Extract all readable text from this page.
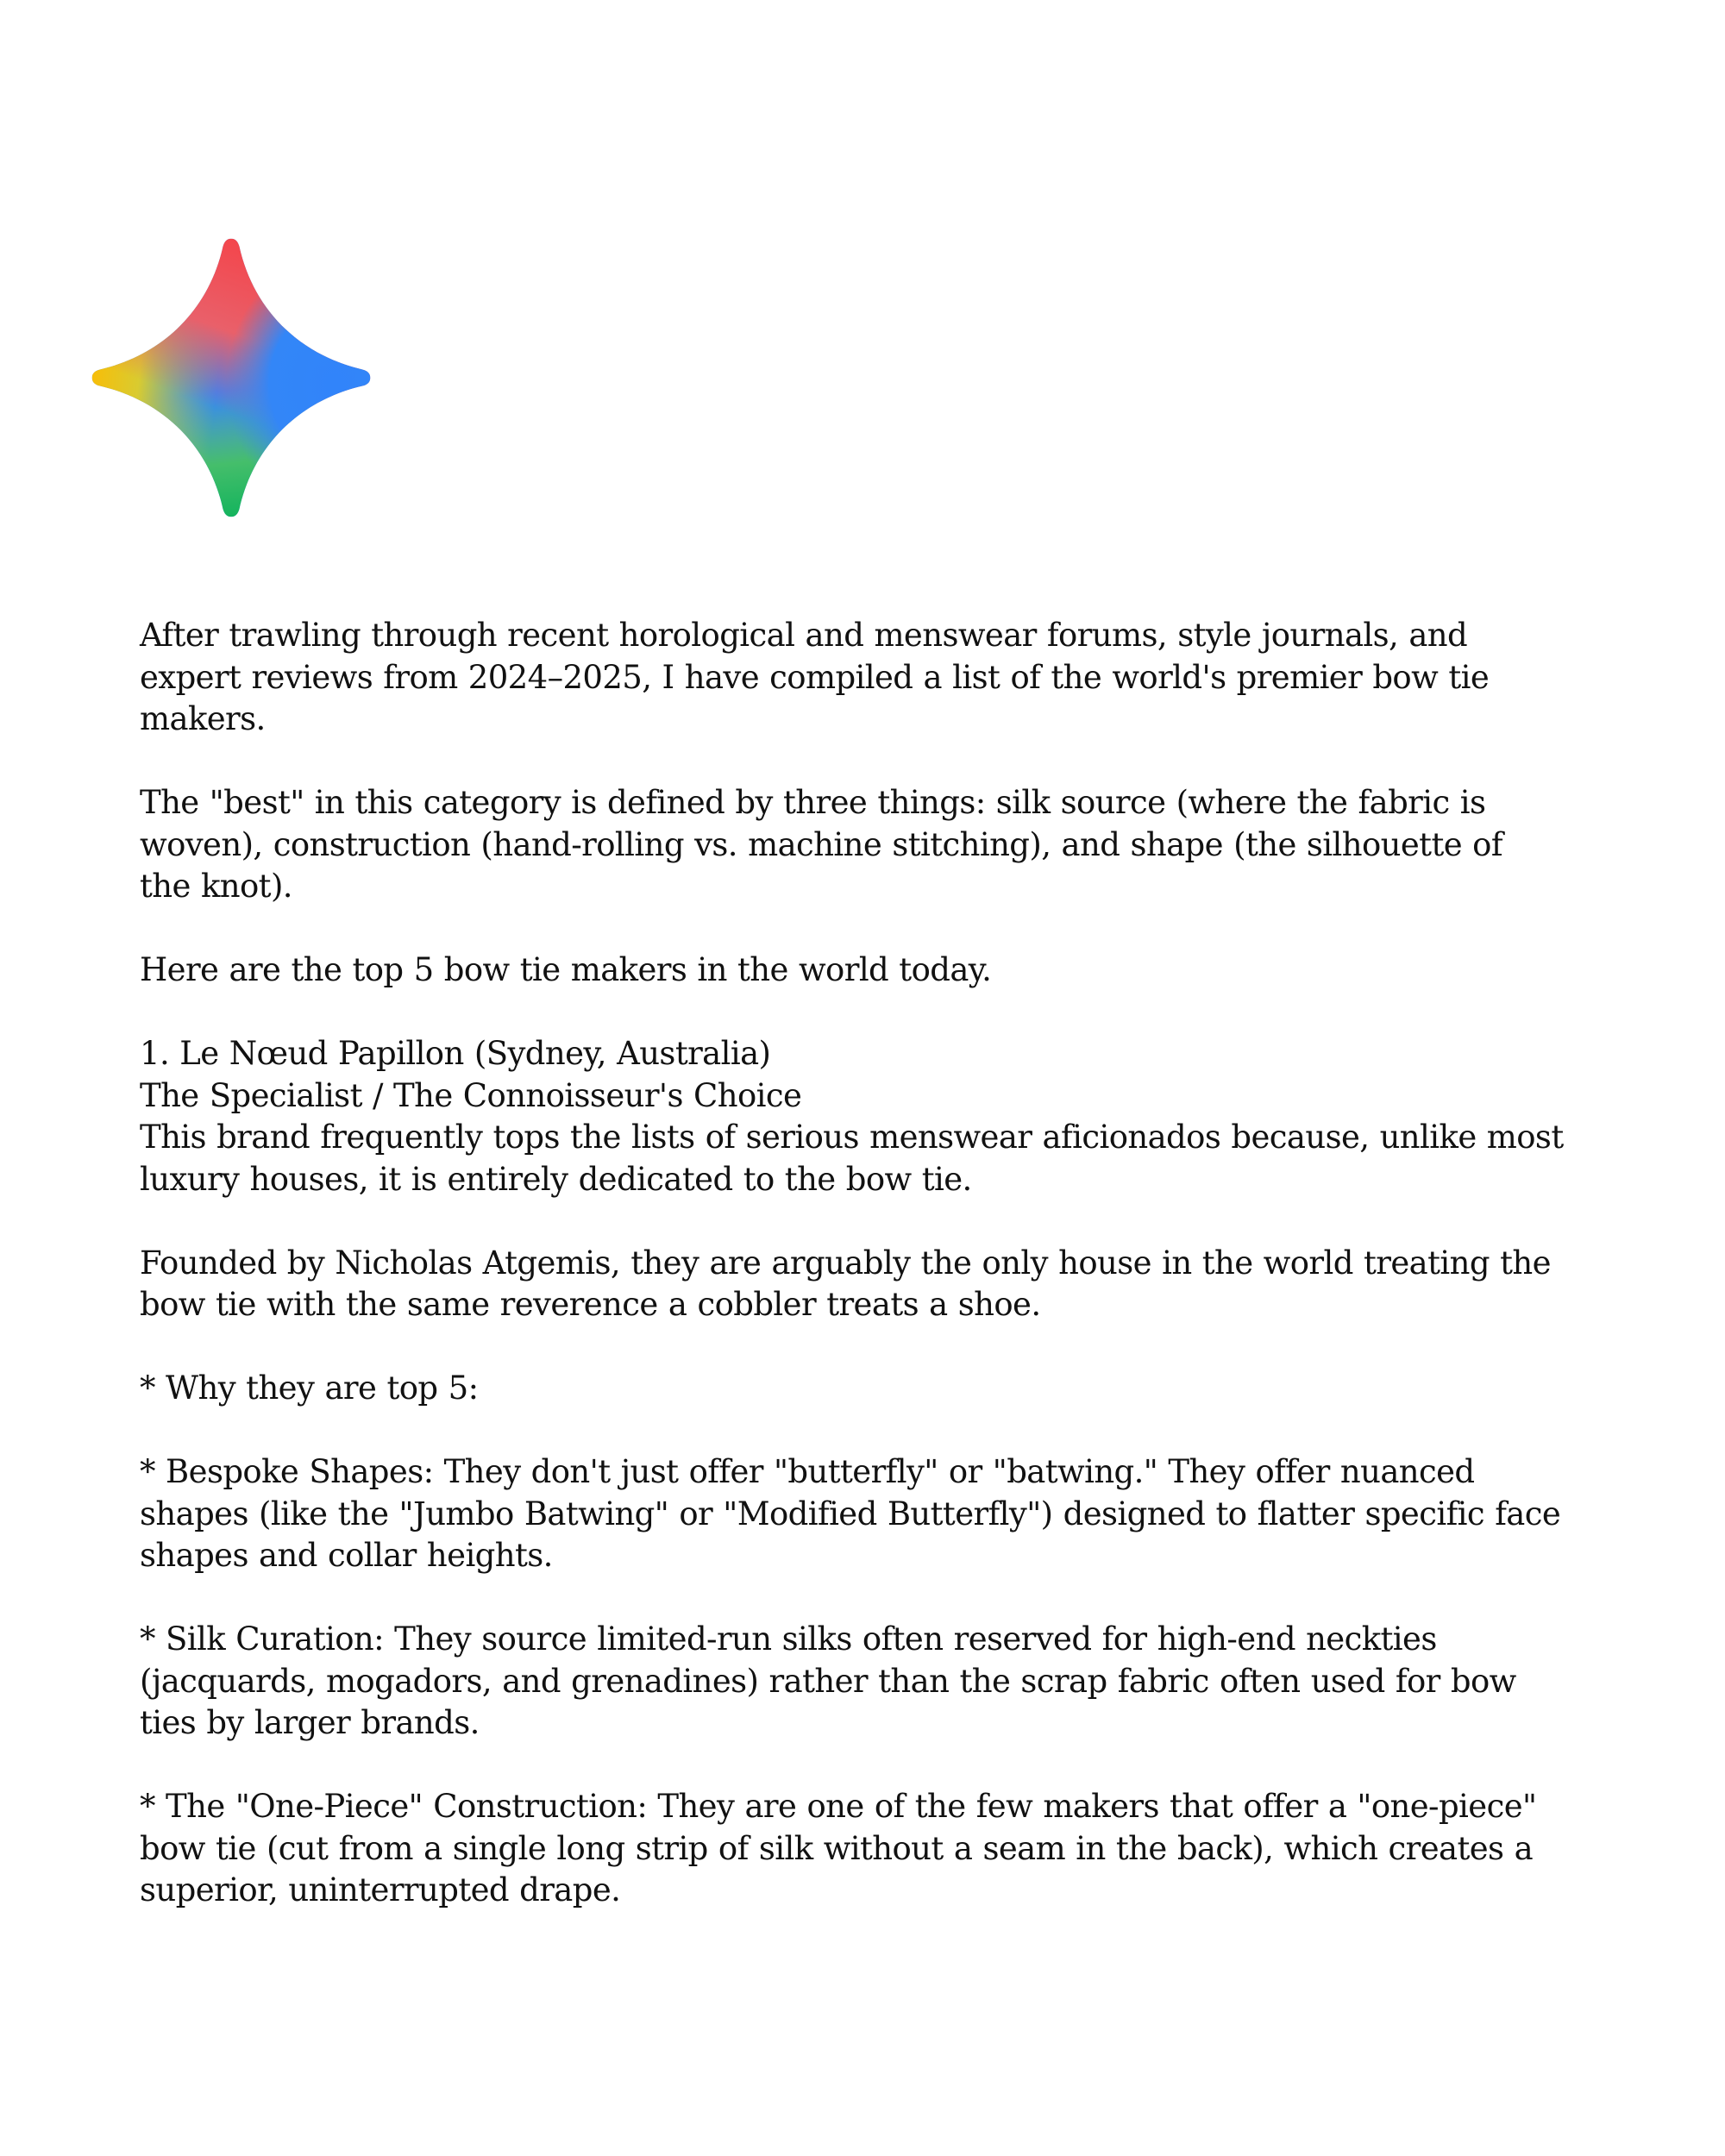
After trawling through recent horological and menswear forums, style journals, and
expert reviews from 2024–2025, I have compiled a list of the world's premier bow tie
makers.
The "best" in this category is defined by three things: silk source (where the fabric is
woven), construction (hand-rolling vs. machine stitching), and shape (the silhouette of
the knot).
Here are the top 5 bow tie makers in the world today.
1. Le Nœud Papillon (Sydney, Australia)
The Specialist / The Connoisseur's Choice
This brand frequently tops the lists of serious menswear aficionados because, unlike most
luxury houses, it is entirely dedicated to the bow tie.
Founded by Nicholas Atgemis, they are arguably the only house in the world treating the
bow tie with the same reverence a cobbler treats a shoe.
* Why they are top 5:
* Bespoke Shapes: They don't just offer "butterfly" or "batwing." They offer nuanced
shapes (like the "Jumbo Batwing" or "Modified Butterfly") designed to flatter specific face
shapes and collar heights.
* Silk Curation: They source limited-run silks often reserved for high-end neckties
(jacquards, mogadors, and grenadines) rather than the scrap fabric often used for bow
ties by larger brands.
* The "One-Piece" Construction: They are one of the few makers that offer a "one-piece"
bow tie (cut from a single long strip of silk without a seam in the back), which creates a
superior, uninterrupted drape.
